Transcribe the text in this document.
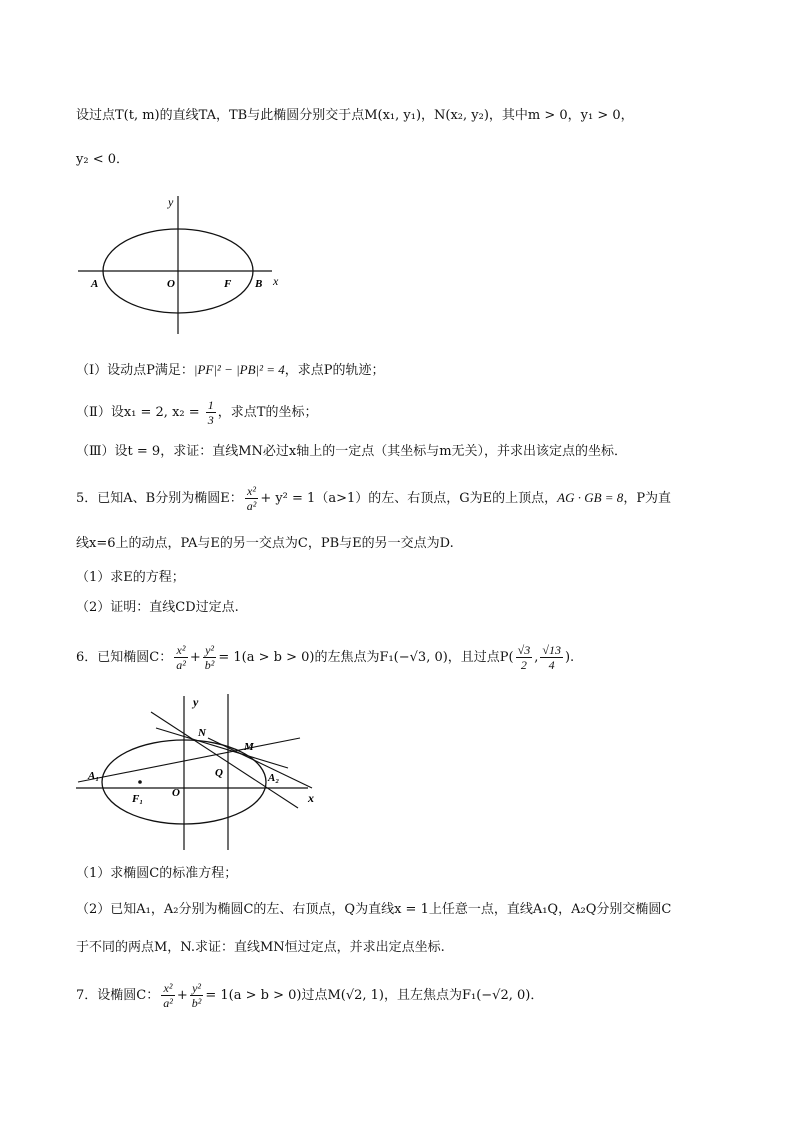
设过点T(t, m)的直线TA，TB与此椭圆分别交于点M(x₁, y₁)，N(x₂, y₂)，其中m > 0，y₁ > 0，
y₂ < 0．
y
x
A	O	F B
（Ⅰ）设动点P满足：|PF|² − |PB|² = 4，求点P的轨迹；
（Ⅱ）设x₁ = 2, $x_2 = \frac{1}{3}$ ，求点T的坐标；
（Ⅲ）设t = 9，求证：直线MN必过x轴上的一定点（其坐标与m无关），并求出该定点的坐标．
5．已知A、B分别为椭圆E： $\frac{\text{x²}}{\text{a²}} + y^2 = 1(a>1)$的左、右顶点，G为E的上顶点，AG · GB = 8，P为直
线x=6上的动点，PA与E的另一交点为C，PB与E的另一交点为D.
（1）求E的方程；
（2）证明：直线CD过定点.
6．已知椭圆C： $\frac{\text{x²}}{\text{a²}} + \frac{\text{y²}}{\text{b²}} = 1(a > b > 0)$的左焦点为F₁(−√3, 0)，且过点$P( \frac{√3}{2}$ , $\frac{√13}{4}$ ).
y
x
A₁	A₂
F₁	O
N
M
Q
（1）求椭圆C的标准方程；
（2）已知A₁，A₂分别为椭圆C的左、右顶点，Q为直线x = 1上任意一点，直线A₁Q，A₂Q分别交椭圆C
于不同的两点M，N.求证：直线MN恒过定点，并求出定点坐标.
7．设椭圆C： $\frac{\text{x²}}{\text{a²}} + \frac{\text{y²}}{\text{b²}} = 1(a > b > 0)$过点M(√2, 1)，且左焦点为F₁(−√2, 0)．
